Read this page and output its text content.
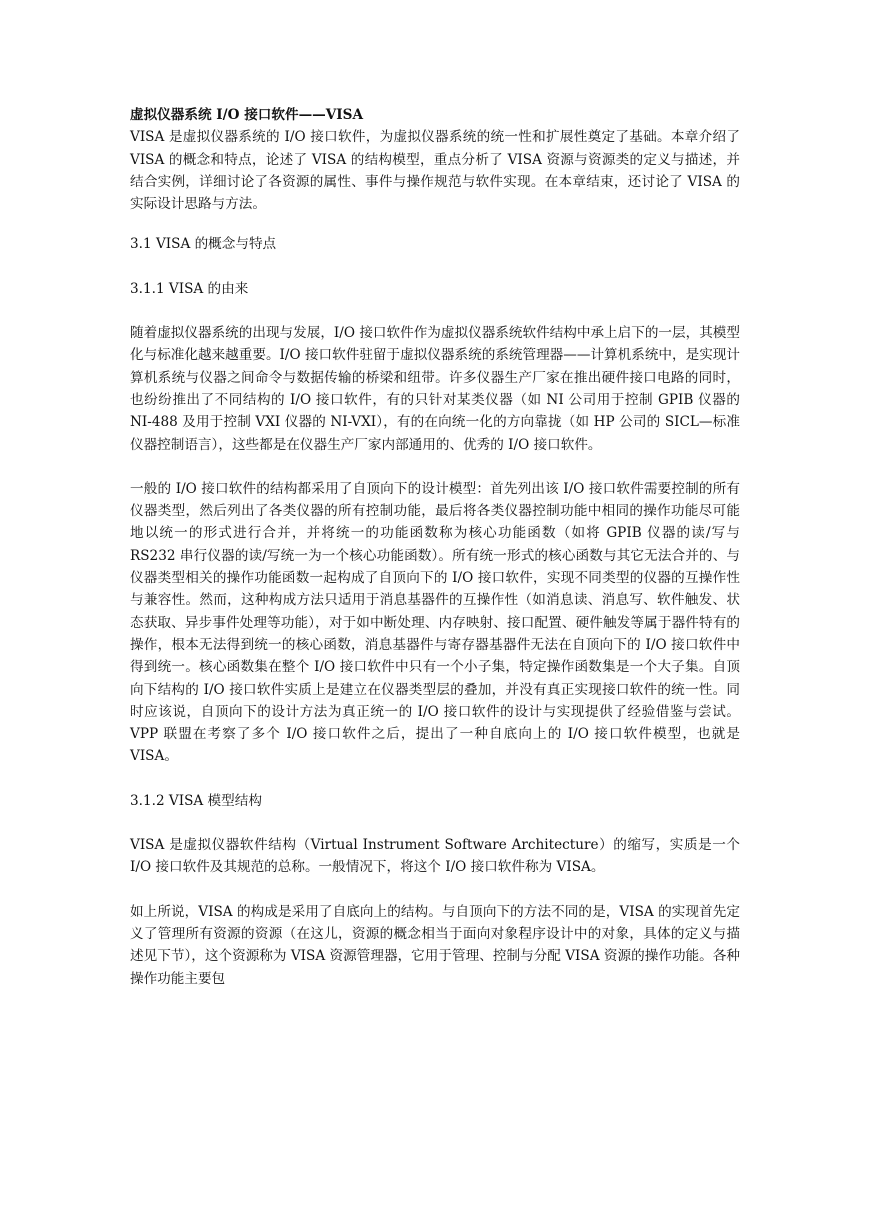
虚拟仪器系统 I/O 接口软件——VISA

VISA 是虚拟仪器系统的 I/O 接口软件，为虚拟仪器系统的统一性和扩展性奠定了基础。本章介绍了 VISA 的概念和特点，论述了 VISA 的结构模型，重点分析了 VISA 资源与资源类的定义与描述，并结合实例，详细讨论了各资源的属性、事件与操作规范与软件实现。在本章结束，还讨论了 VISA 的实际设计思路与方法。

3.1 VISA 的概念与特点

3.1.1 VISA 的由来

随着虚拟仪器系统的出现与发展，I/O 接口软件作为虚拟仪器系统软件结构中承上启下的一层，其模型化与标准化越来越重要。I/O 接口软件驻留于虚拟仪器系统的系统管理器——计算机系统中，是实现计算机系统与仪器之间命令与数据传输的桥梁和纽带。许多仪器生产厂家在推出硬件接口电路的同时，也纷纷推出了不同结构的 I/O 接口软件，有的只针对某类仪器（如 NI 公司用于控制 GPIB 仪器的 NI-488 及用于控制 VXI 仪器的 NI-VXI），有的在向统一化的方向靠拢（如 HP 公司的 SICL—标准仪器控制语言），这些都是在仪器生产厂家内部通用的、优秀的 I/O 接口软件。

一般的 I/O 接口软件的结构都采用了自顶向下的设计模型：首先列出该 I/O 接口软件需要控制的所有仪器类型，然后列出了各类仪器的所有控制功能，最后将各类仪器控制功能中相同的操作功能尽可能地以统一的形式进行合并，并将统一的功能函数称为核心功能函数（如将 GPIB 仪器的读/写与 RS232 串行仪器的读/写统一为一个核心功能函数）。所有统一形式的核心函数与其它无法合并的、与仪器类型相关的操作功能函数一起构成了自顶向下的 I/O 接口软件，实现不同类型的仪器的互操作性与兼容性。然而，这种构成方法只适用于消息基器件的互操作性（如消息读、消息写、软件触发、状态获取、异步事件处理等功能），对于如中断处理、内存映射、接口配置、硬件触发等属于器件特有的操作，根本无法得到统一的核心函数，消息基器件与寄存器基器件无法在自顶向下的 I/O 接口软件中得到统一。核心函数集在整个 I/O 接口软件中只有一个小子集，特定操作函数集是一个大子集。自顶向下结构的 I/O 接口软件实质上是建立在仪器类型层的叠加，并没有真正实现接口软件的统一性。同时应该说，自顶向下的设计方法为真正统一的 I/O 接口软件的设计与实现提供了经验借鉴与尝试。VPP 联盟在考察了多个 I/O 接口软件之后，提出了一种自底向上的 I/O 接口软件模型，也就是 VISA。

3.1.2 VISA 模型结构

VISA 是虚拟仪器软件结构（Virtual Instrument Software Architecture）的缩写，实质是一个 I/O 接口软件及其规范的总称。一般情况下，将这个 I/O 接口软件称为 VISA。

如上所说，VISA 的构成是采用了自底向上的结构。与自顶向下的方法不同的是，VISA 的实现首先定义了管理所有资源的资源（在这儿，资源的概念相当于面向对象程序设计中的对象，具体的定义与描述见下节），这个资源称为 VISA 资源管理器，它用于管理、控制与分配 VISA 资源的操作功能。各种操作功能主要包
